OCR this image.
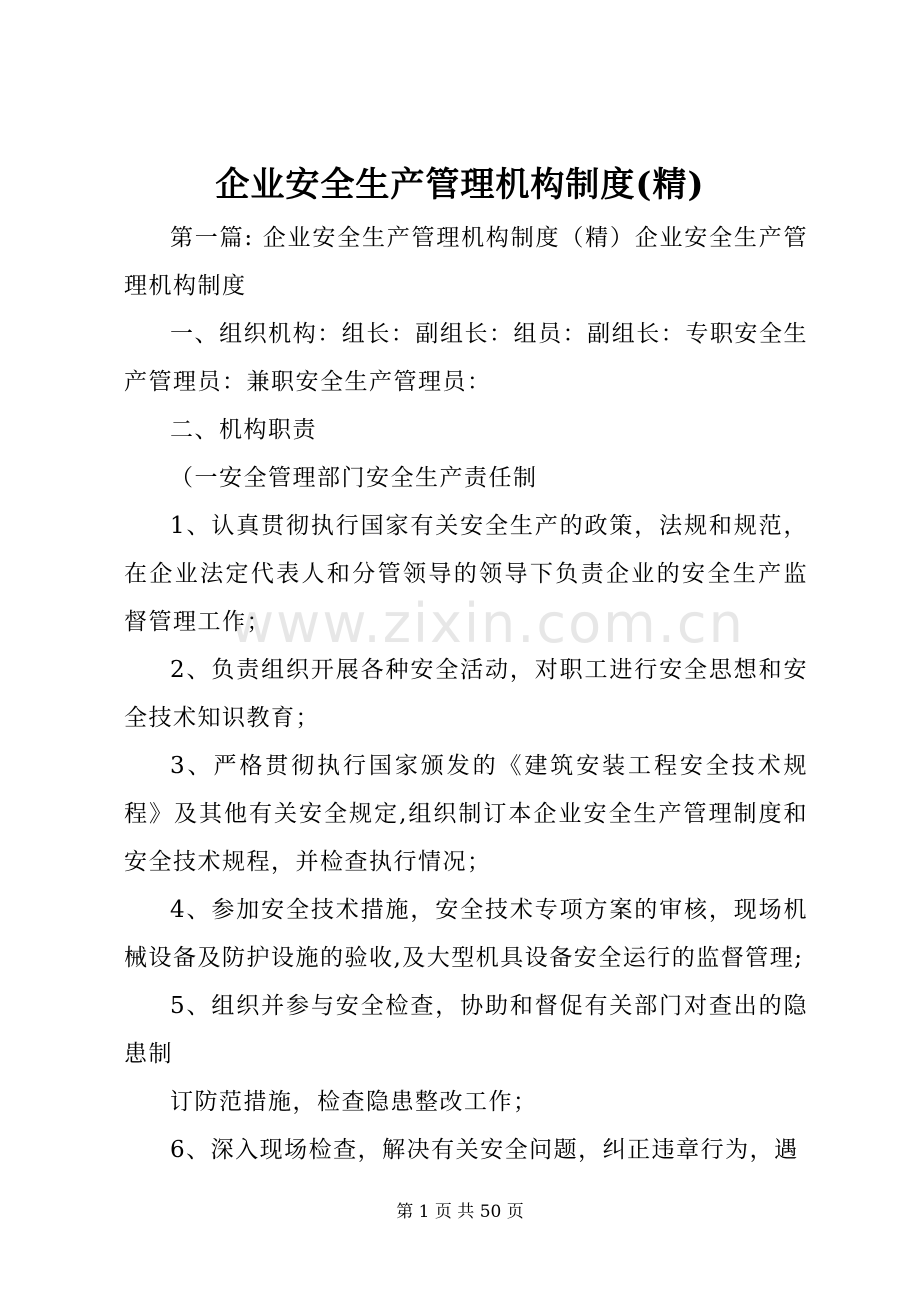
企业安全生产管理机构制度(精)

第一篇: 企业安全生产管理机构制度（精）企业安全生产管理机构制度

一、组织机构：组长：副组长：组员：副组长：专职安全生产管理员：兼职安全生产管理员：

二、机构职责

（一安全管理部门安全生产责任制

1、认真贯彻执行国家有关安全生产的政策，法规和规范，在企业法定代表人和分管领导的领导下负责企业的安全生产监督管理工作；

2、负责组织开展各种安全活动，对职工进行安全思想和安全技术知识教育；

3、严格贯彻执行国家颁发的《建筑安装工程安全技术规程》及其他有关安全规定,组织制订本企业安全生产管理制度和安全技术规程，并检查执行情况；

4、参加安全技术措施，安全技术专项方案的审核，现场机械设备及防护设施的验收,及大型机具设备安全运行的监督管理;

5、组织并参与安全检查，协助和督促有关部门对查出的隐患制

订防范措施，检查隐患整改工作；

6、深入现场检查，解决有关安全问题，纠正违章行为，遇

www.zixin.com.cn
第 1 页 共 50 页
